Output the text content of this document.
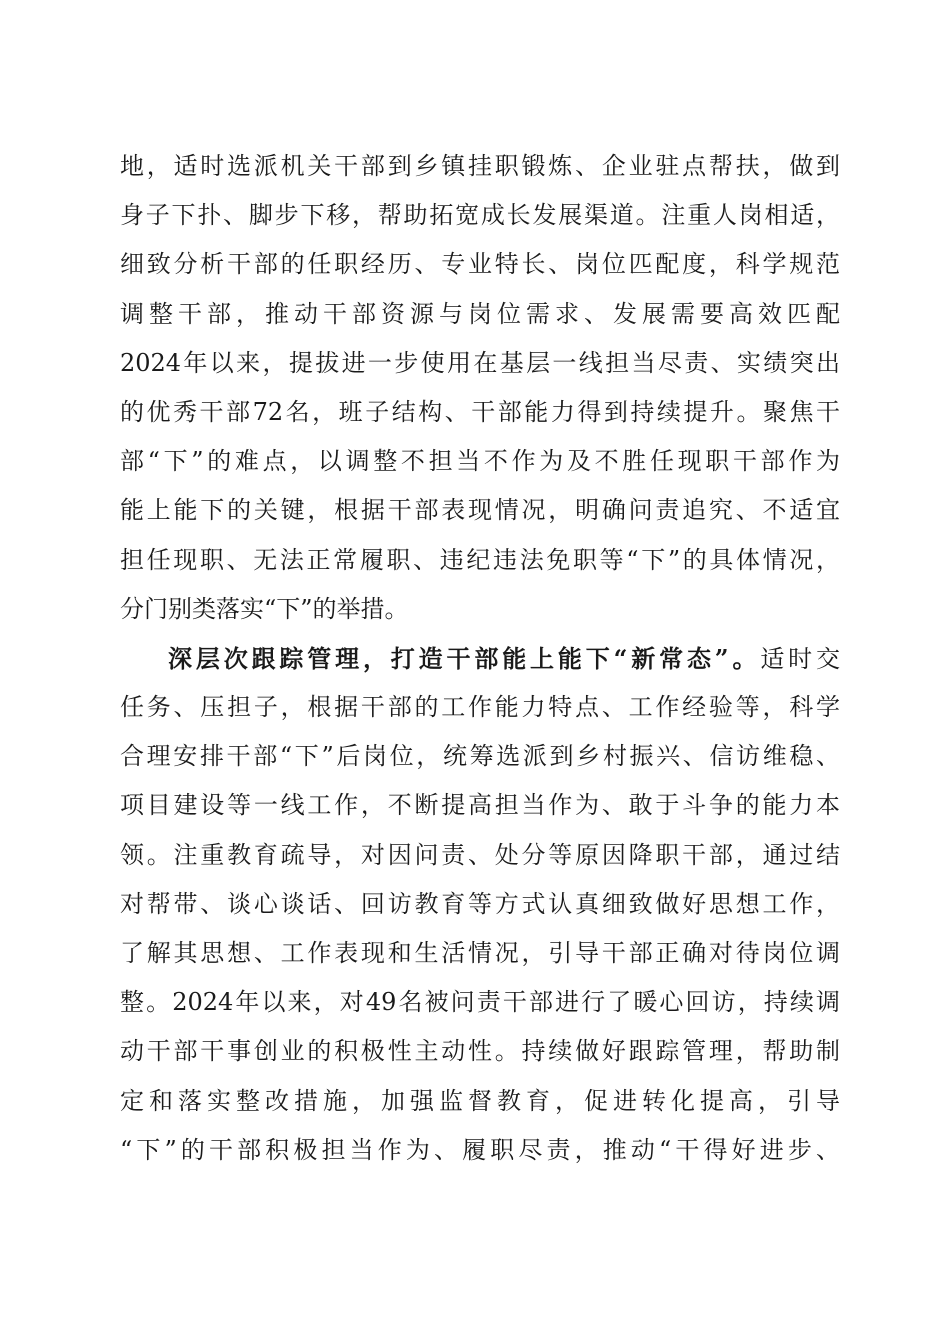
地，适时选派机关干部到乡镇挂职锻炼、企业驻点帮扶，做到
身子下扑、脚步下移，帮助拓宽成长发展渠道。注重人岗相适，
细致分析干部的任职经历、专业特长、岗位匹配度，科学规范
调整干部，推动干部资源与岗位需求、发展需要高效匹配
2024年以来，提拔进一步使用在基层一线担当尽责、实绩突出
的优秀干部72名，班子结构、干部能力得到持续提升。聚焦干
部“下”的难点，以调整不担当不作为及不胜任现职干部作为
能上能下的关键，根据干部表现情况，明确问责追究、不适宜
担任现职、无法正常履职、违纪违法免职等“下”的具体情况，
分门别类落实“下”的举措。
深层次跟踪管理，打造干部能上能下“新常态”。适时交
任务、压担子，根据干部的工作能力特点、工作经验等，科学
合理安排干部“下”后岗位，统筹选派到乡村振兴、信访维稳、
项目建设等一线工作，不断提高担当作为、敢于斗争的能力本
领。注重教育疏导，对因问责、处分等原因降职干部，通过结
对帮带、谈心谈话、回访教育等方式认真细致做好思想工作，
了解其思想、工作表现和生活情况，引导干部正确对待岗位调
整。2024年以来，对49名被问责干部进行了暖心回访，持续调
动干部干事创业的积极性主动性。持续做好跟踪管理，帮助制
定和落实整改措施，加强监督教育，促进转化提高，引导
“下”的干部积极担当作为、履职尽责，推动“干得好进步、
